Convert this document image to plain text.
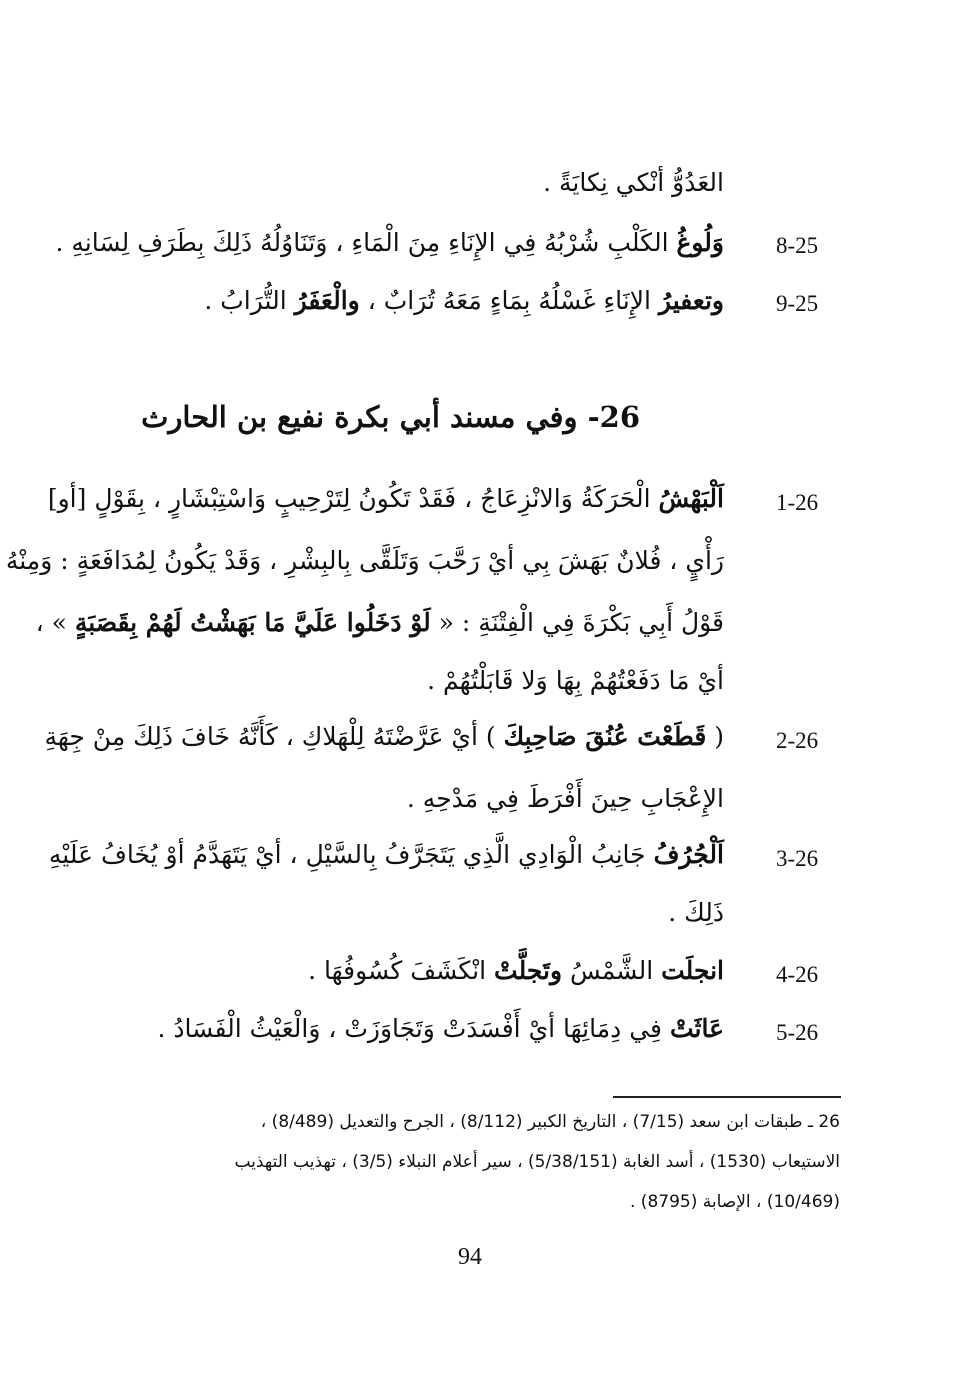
العَدُوُّ أنْكي نِكايَةً .
8-25
وَلُوغُ الكَلْبِ شُرْبُهُ فِي الإِنَاءِ مِنَ الْمَاءِ ، وَتَنَاوُلُهُ ذَلِكَ بِطَرَفِ لِسَانِهِ .
9-25
وتعفيرُ الإِنَاءِ غَسْلُهُ بِمَاءٍ مَعَهُ تُرَابٌ ، والْعَفَرُ التُّرَابُ .
26- وفي مسند أبي بكرة نفيع بن الحارث
1-26
اَلْبَهْشُ الْحَرَكَةُ وَالانْزِعَاجُ ، فَقَدْ تَكُونُ لِتَرْحِيبٍ وَاسْتِبْشَارٍ ، بِقَوْلٍ [أو]
رَأْيٍ ، فُلانٌ بَهَشَ بِي أيْ رَحَّبَ وَتَلَقَّى بِالبِشْرِ ، وَقَدْ يَكُونُ لِمُدَافَعَةٍ : وَمِنْهُ
قَوْلُ أَبِي بَكْرَةَ فِي الْفِتْنَةِ : « لَوْ دَخَلُوا عَلَيَّ مَا بَهَشْتُ لَهُمْ بِقَصَبَةٍ » ،
أيْ مَا دَفَعْتُهُمْ بِهَا وَلا قَابَلْتُهُمْ .
2-26
( قَطَعْتَ عُنُقَ صَاحِبِكَ ) أيْ عَرَّضْتَهُ لِلْهَلاكِ ، كَأَنَّهُ خَافَ ذَلِكَ مِنْ جِهَةِ
الإِعْجَابِ حِينَ أَفْرَطَ فِي مَدْحِهِ .
3-26
اَلْجُرُفُ جَانِبُ الْوَادِي الَّذِي يَتَجَرَّفُ بِالسَّيْلِ ، أيْ يَتَهَدَّمُ أوْ يُخَافُ عَلَيْهِ
ذَلِكَ .
4-26
انجلَت الشَّمْسُ وتَجلَّتْ انْكَشَفَ كُسُوفُهَا .
5-26
عَاثَتْ فِي دِمَائِهَا أيْ أَفْسَدَتْ وَتَجَاوَزَتْ ، وَالْعَيْثُ الْفَسَادُ .
26 ـ طبقات ابن سعد (7/15) ، التاريخ الكبير (8/112) ، الجرح والتعديل (8/489) ،
الاستيعاب (1530) ، أسد الغابة (5/38/151) ، سير أعلام النبلاء (3/5) ، تهذيب التهذيب
(10/469) ، الإصابة (8795) .
94
